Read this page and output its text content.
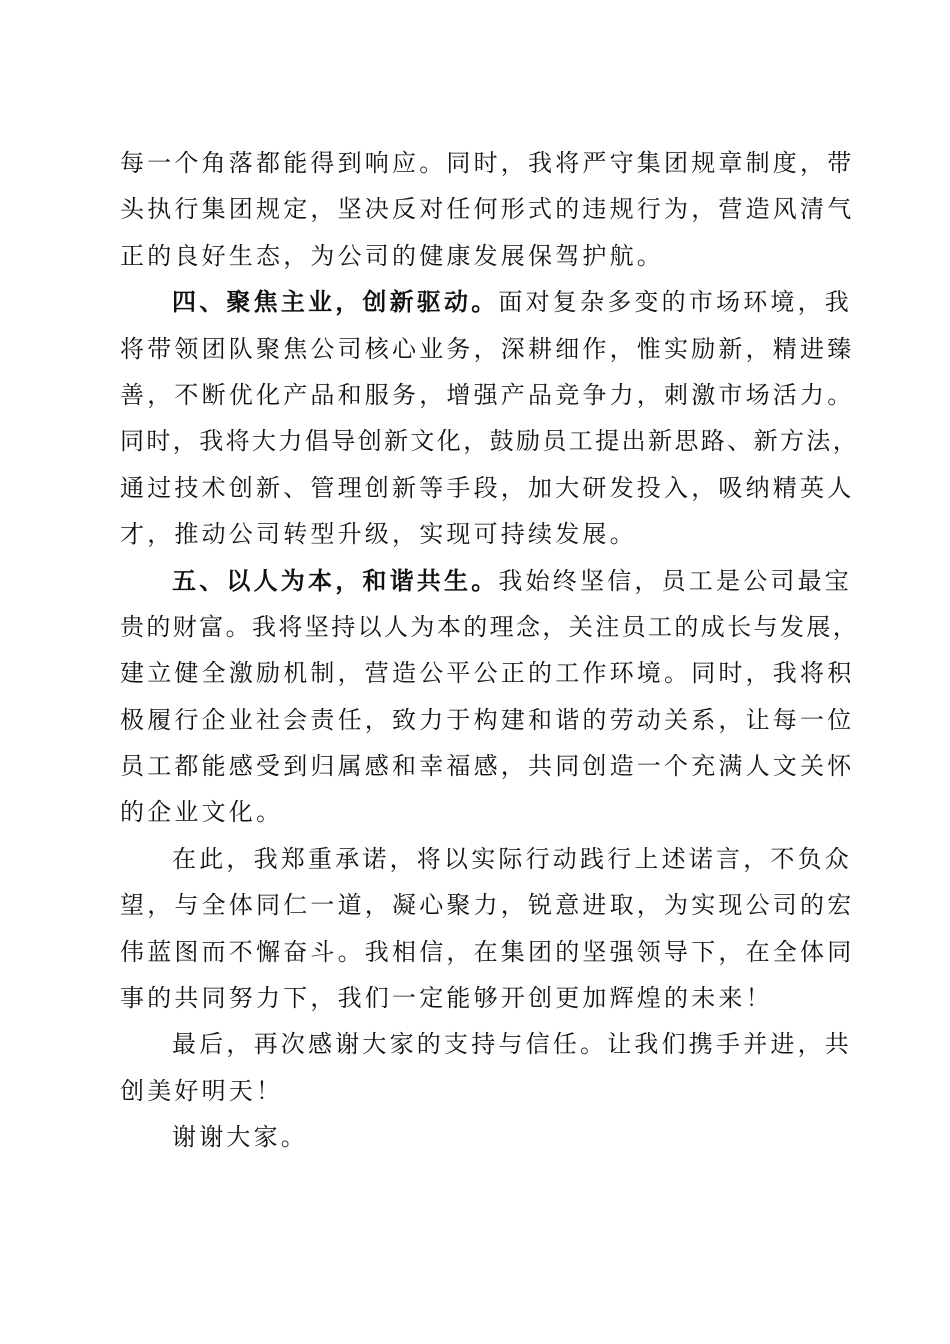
每一个角落都能得到响应。同时，我将严守集团规章制度，带
头执行集团规定，坚决反对任何形式的违规行为，营造风清气
正的良好生态，为公司的健康发展保驾护航。
四、聚焦主业，创新驱动。面对复杂多变的市场环境，我
将带领团队聚焦公司核心业务，深耕细作，惟实励新，精进臻
善，不断优化产品和服务，增强产品竞争力，刺激市场活力。
同时，我将大力倡导创新文化，鼓励员工提出新思路、新方法，
通过技术创新、管理创新等手段，加大研发投入，吸纳精英人
才，推动公司转型升级，实现可持续发展。
五、以人为本，和谐共生。我始终坚信，员工是公司最宝
贵的财富。我将坚持以人为本的理念，关注员工的成长与发展，
建立健全激励机制，营造公平公正的工作环境。同时，我将积
极履行企业社会责任，致力于构建和谐的劳动关系，让每一位
员工都能感受到归属感和幸福感，共同创造一个充满人文关怀
的企业文化。
在此，我郑重承诺，将以实际行动践行上述诺言，不负众
望，与全体同仁一道，凝心聚力，锐意进取，为实现公司的宏
伟蓝图而不懈奋斗。我相信，在集团的坚强领导下，在全体同
事的共同努力下，我们一定能够开创更加辉煌的未来！
最后，再次感谢大家的支持与信任。让我们携手并进，共
创美好明天！
谢谢大家。
